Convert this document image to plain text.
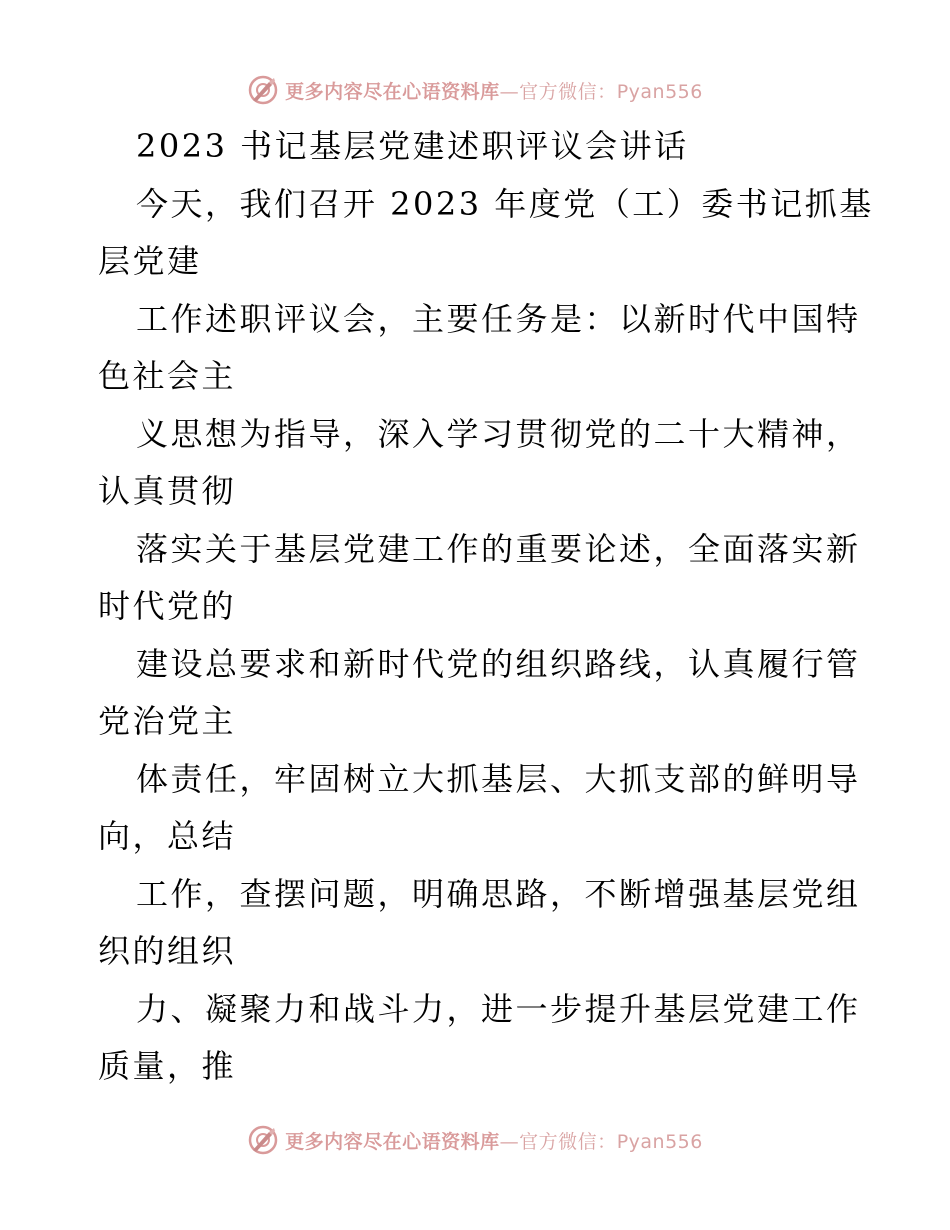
更多内容尽在心语资料库—官方微信：Pyan556
2023 书记基层党建述职评议会讲话
今天，我们召开 2023 年度党（工）委书记抓基
层党建
工作述职评议会，主要任务是：以新时代中国特
色社会主
义思想为指导，深入学习贯彻党的二十大精神，
认真贯彻
落实关于基层党建工作的重要论述，全面落实新
时代党的
建设总要求和新时代党的组织路线，认真履行管
党治党主
体责任，牢固树立大抓基层、大抓支部的鲜明导
向，总结
工作，查摆问题，明确思路，不断增强基层党组
织的组织
力、凝聚力和战斗力，进一步提升基层党建工作
质量，推
更多内容尽在心语资料库—官方微信：Pyan556
